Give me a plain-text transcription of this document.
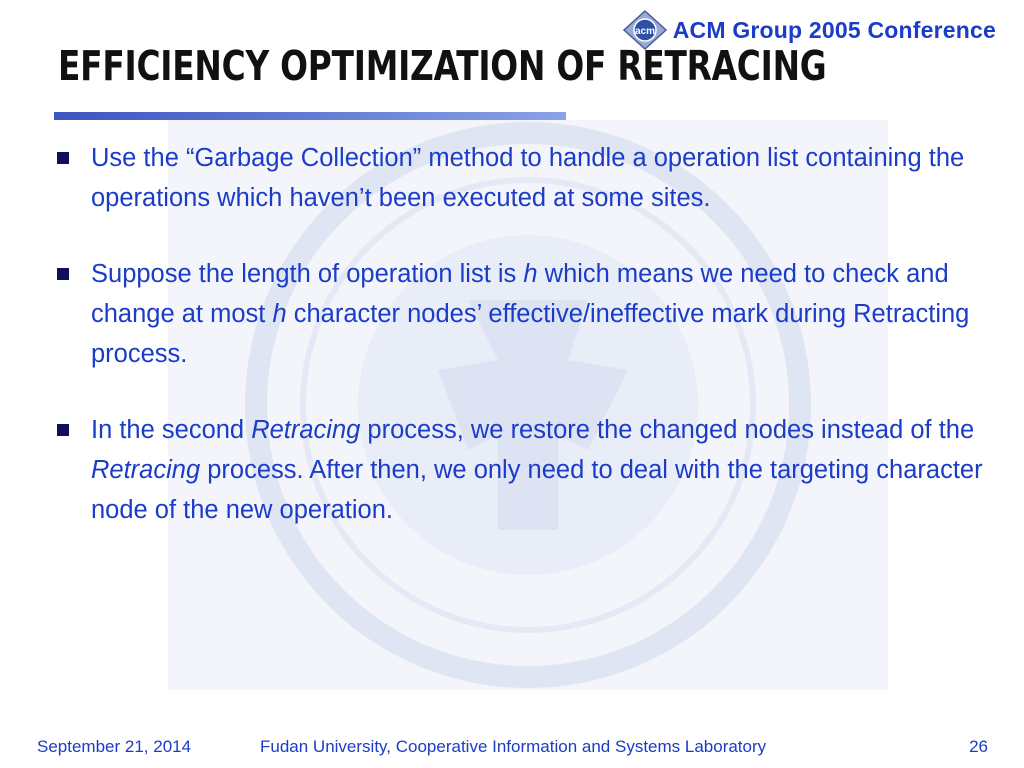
acm ACM Group 2005 Conference
EFFICIENCY OPTIMIZATION OF RETRACING
Use the “Garbage Collection” method to handle a operation list containing the operations which haven’t been executed at some sites.
Suppose the length of operation list is h which means we need to check and change at most h character nodes’ effective/ineffective mark during Retracting process.
In the second Retracing process, we restore the changed nodes instead of the Retracing process. After then, we only need to deal with the targeting character node of the new operation.
September 21, 2014	Fudan University, Cooperative Information and Systems Laboratory	26
